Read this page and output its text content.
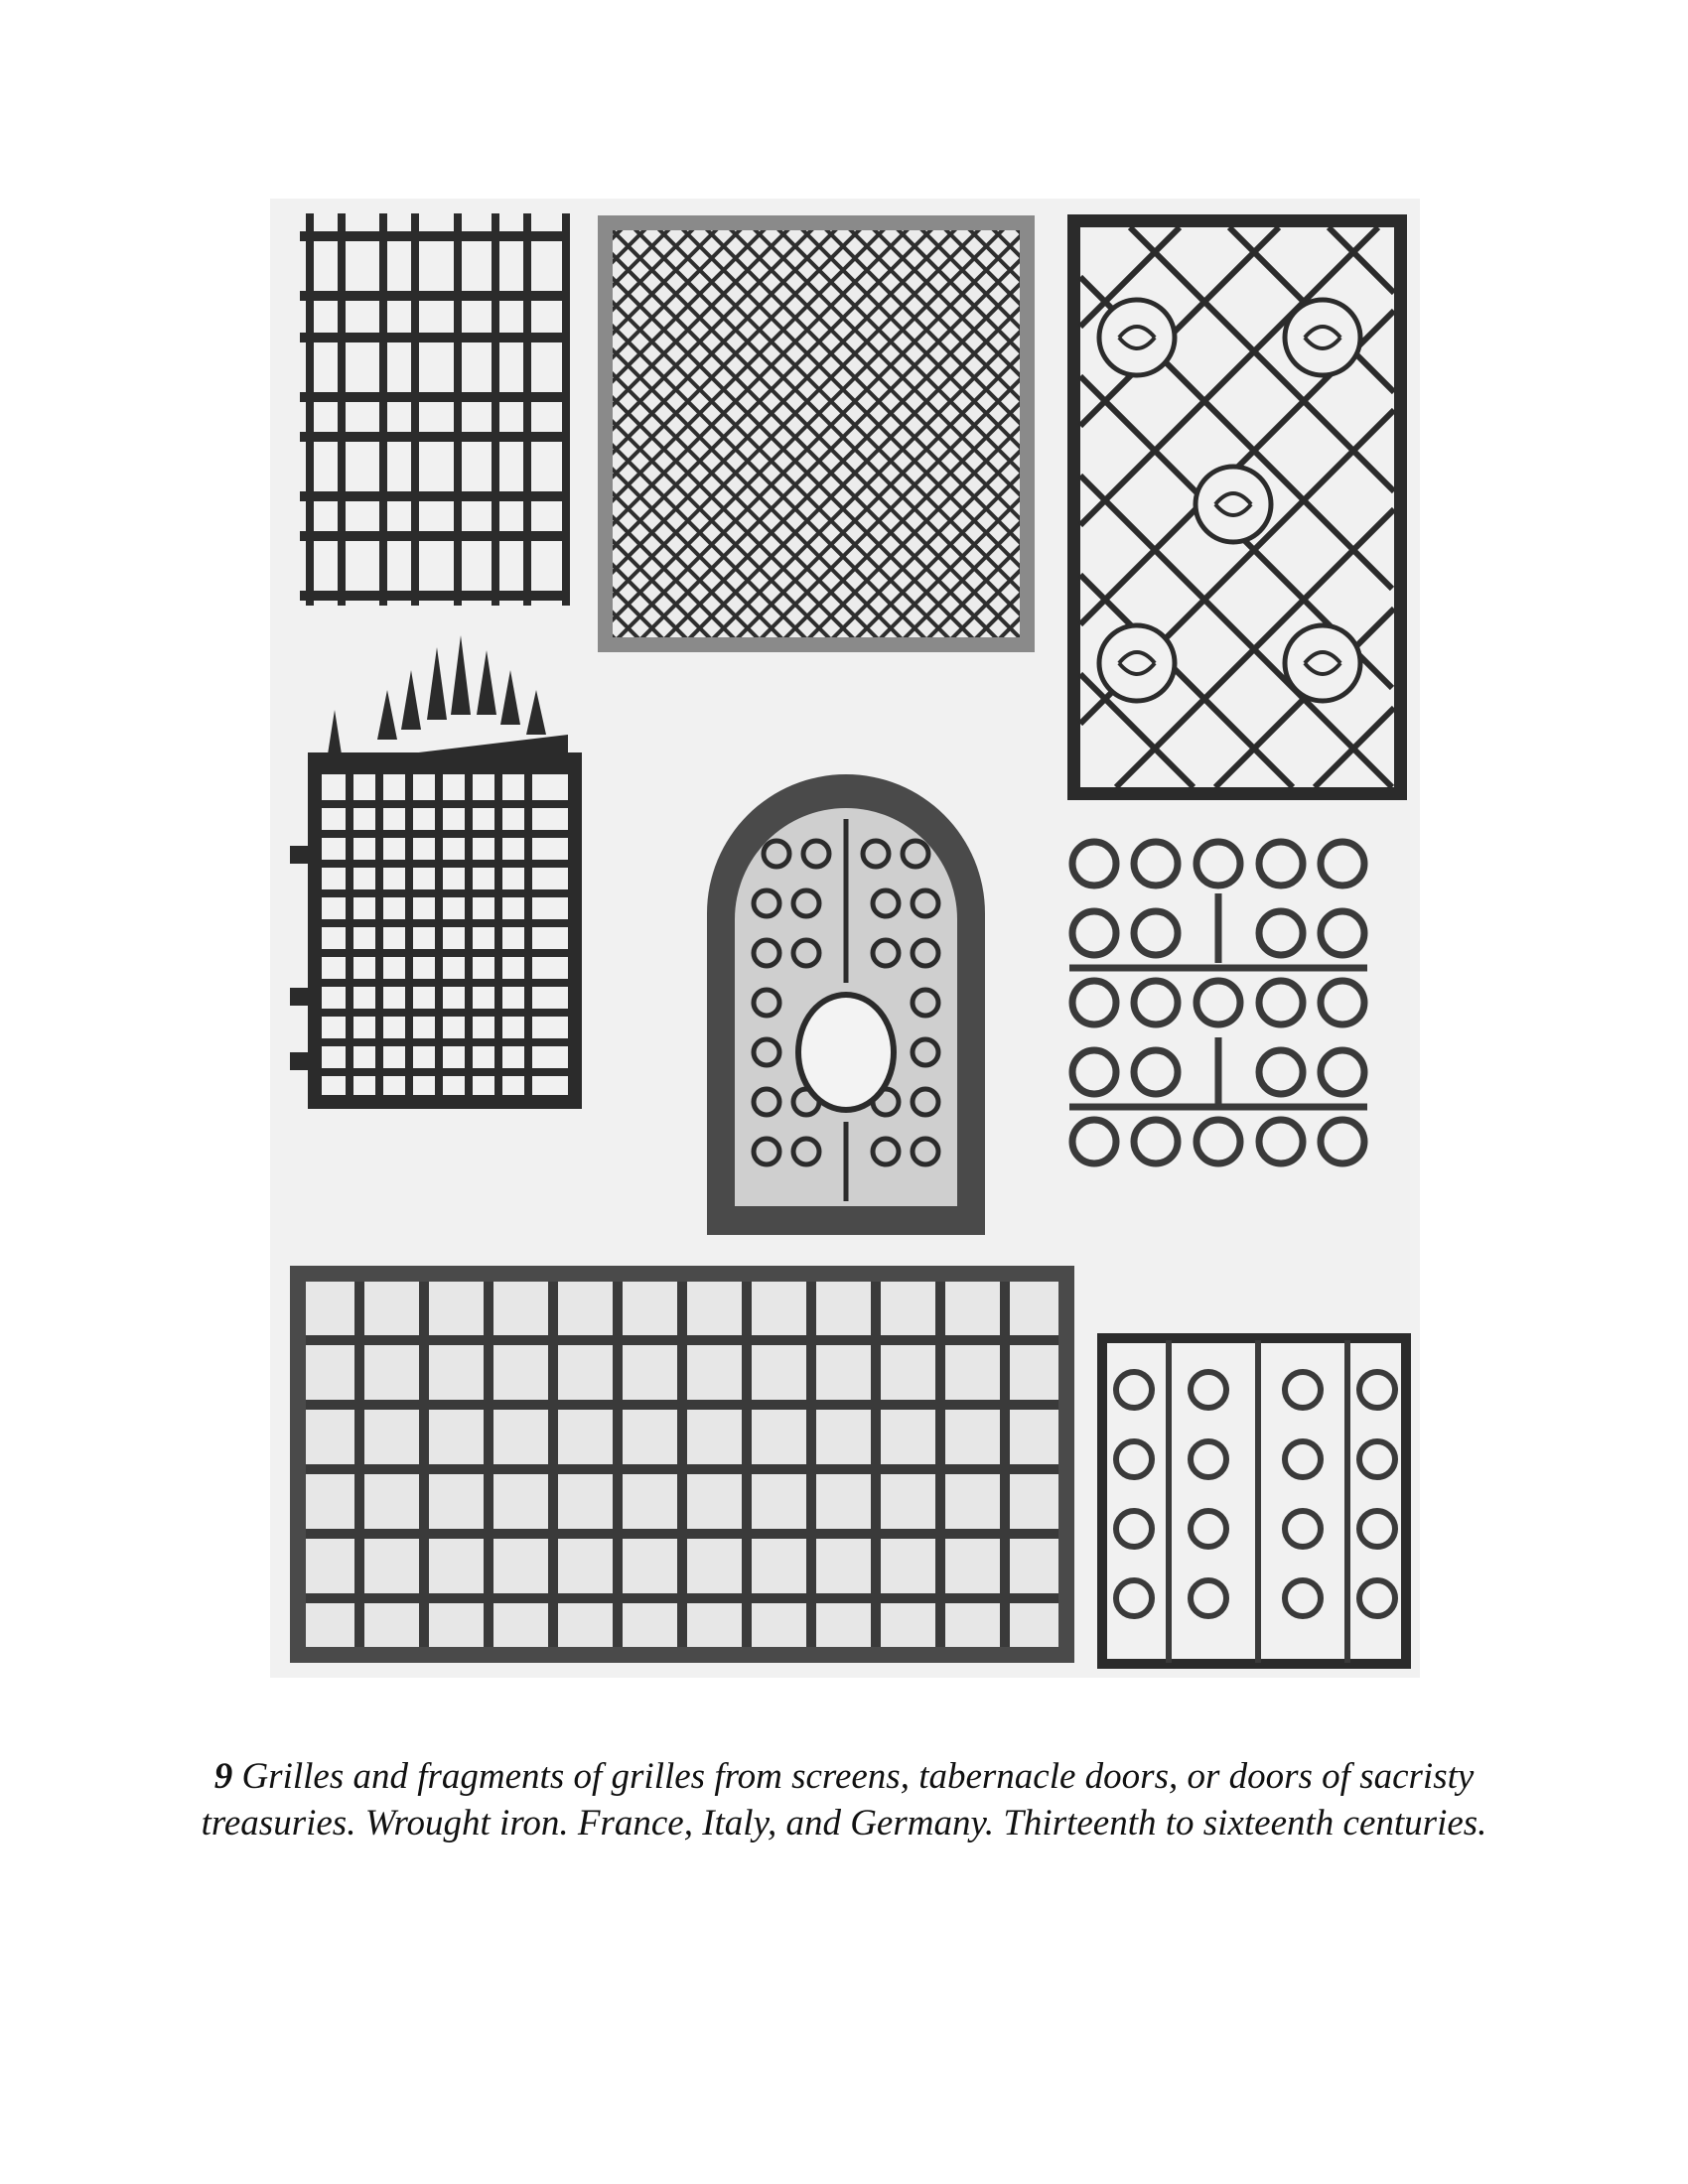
9 Grilles and fragments of grilles from screens, tabernacle doors, or doors of sacristy treasuries. Wrought iron. France, Italy, and Germany. Thirteenth to sixteenth centuries.
